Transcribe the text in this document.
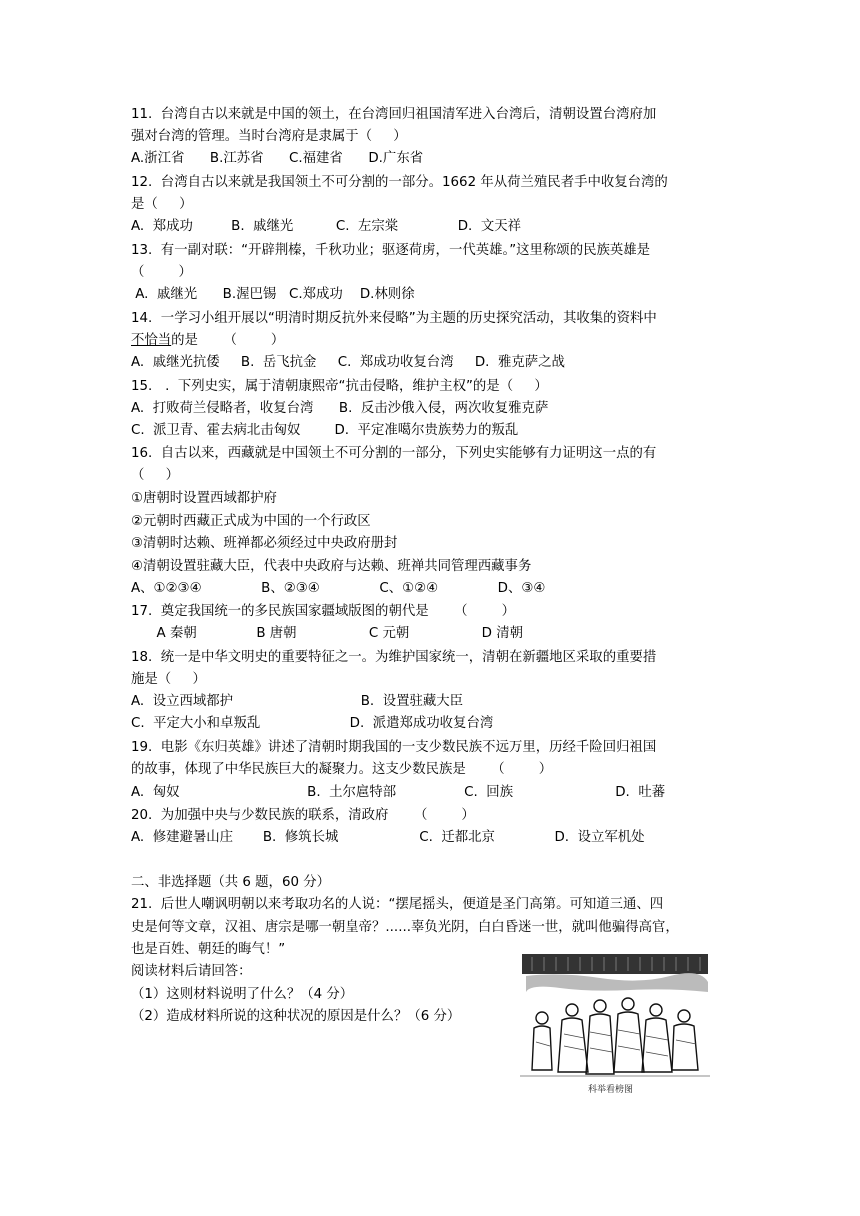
11.  台湾自古以来就是中国的领土，在台湾回归祖国清军进入台湾后，清朝设置台湾府加
强对台湾的管理。当时台湾府是隶属于（     ）
A.浙江省      B.江苏省      C.福建省      D.广东省
12.  台湾自古以来就是我国领土不可分割的一部分。1662 年从荷兰殖民者手中收复台湾的
是（     ）
A.  郑成功         B.  戚继光          C.  左宗棠              D.  文天祥
13.  有一副对联：“开辟荆榛，千秋功业；驱逐荷虏，一代英雄。”这里称颂的民族英雄是
（        ）
A.  戚继光      B.渥巴锡   C.郑成功    D.林则徐
14.  一学习小组开展以“明清时期反抗外来侵略”为主题的历史探究活动，其收集的资料中
不恰当的是      （        ）
A.  戚继光抗倭     B.  岳飞抗金     C.  郑成功收复台湾     D.  雅克萨之战
15.   .  下列史实，属于清朝康熙帝“抗击侵略，维护主权”的是（     ）
A.  打败荷兰侵略者，收复台湾      B.  反击沙俄入侵，两次收复雅克萨
C.  派卫青、霍去病北击匈奴        D.  平定准噶尔贵族势力的叛乱
16.  自古以来，西藏就是中国领土不可分割的一部分，下列史实能够有力证明这一点的有
（     ）
①唐朝时设置西域都护府
②元朝时西藏正式成为中国的一个行政区
③清朝时达赖、班禅都必须经过中央政府册封
④清朝设置驻藏大臣，代表中央政府与达赖、班禅共同管理西藏事务
A、①②③④              B、②③④              C、①②④              D、③④
17.  奠定我国统一的多民族国家疆域版图的朝代是      （        ）
A 秦朝              B 唐朝                 C 元朝                 D 清朝
18.  统一是中华文明史的重要特征之一。为维护国家统一，清朝在新疆地区采取的重要措
施是（     ）
A.  设立西域都护                              B.  设置驻藏大臣
C.  平定大小和卓叛乱                     D.  派遣郑成功收复台湾
19.  电影《东归英雄》讲述了清朝时期我国的一支少数民族不远万里，历经千险回归祖国
的故事，体现了中华民族巨大的凝聚力。这支少数民族是      （        ）
A.  匈奴                              B.  土尔扈特部                C.  回族                        D.  吐蕃
20.  为加强中央与少数民族的联系，清政府      （        ）
A.  修建避暑山庄       B.  修筑长城                   C.  迁都北京              D.  设立军机处
二、非选择题（共 6 题，60 分）
21.  后世人嘲讽明朝以来考取功名的人说：“摆尾摇头，便道是圣门高第。可知道三通、四
史是何等文章，汉祖、唐宗是哪一朝皇帝？......辜负光阴，白白昏迷一世，就叫他骗得高官，
也是百姓、朝廷的晦气！”
阅读材料后请回答：
（1）这则材料说明了什么？（4 分）
（2）造成材料所说的这种状况的原因是什么？（6 分）
科举看榜图
